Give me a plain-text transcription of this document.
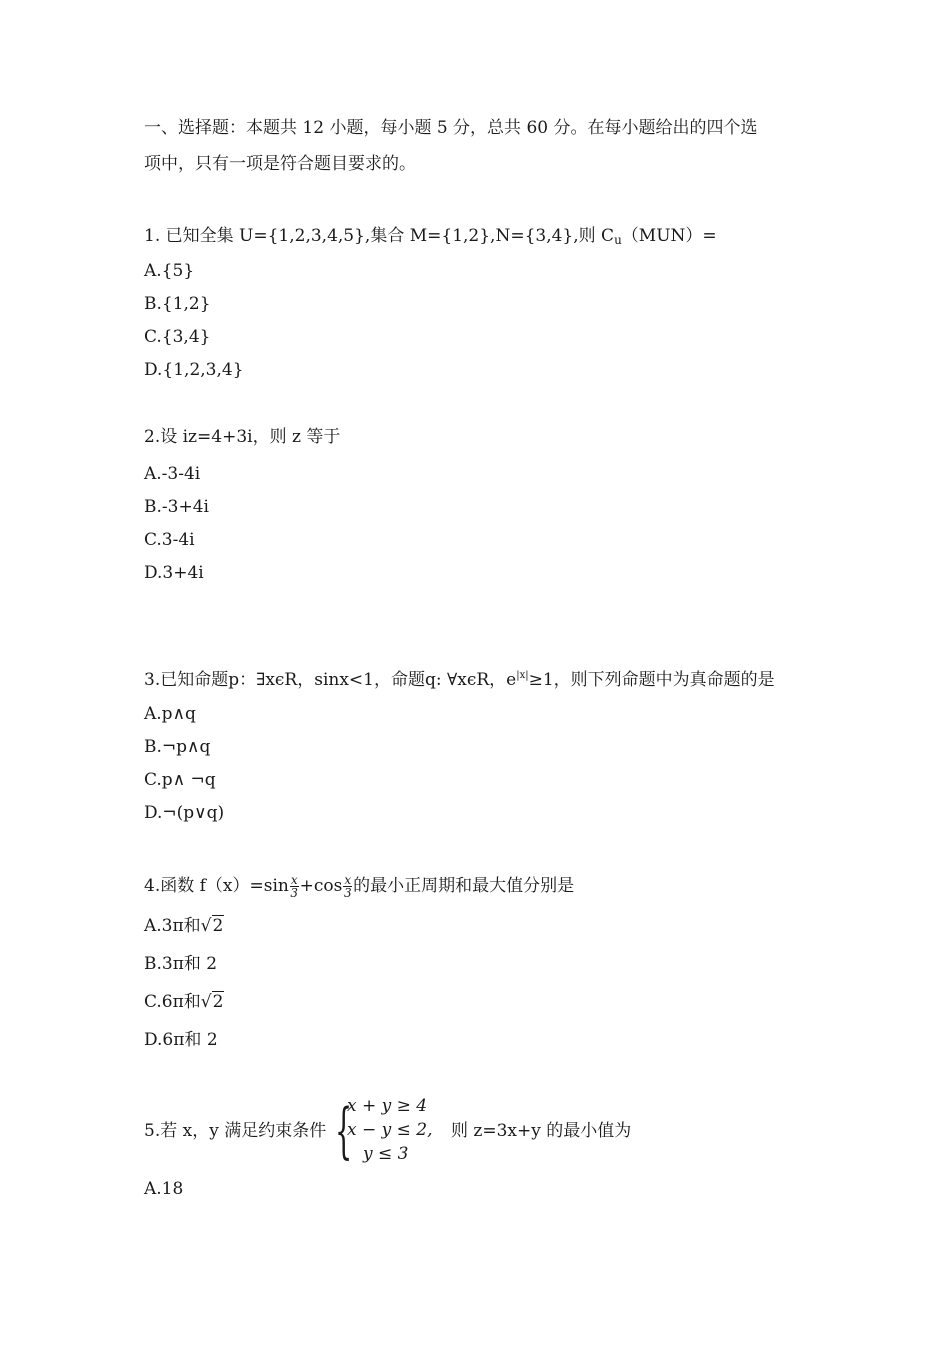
一、选择题：本题共 12 小题，每小题 5 分，总共 60 分。在每小题给出的四个选
项中，只有一项是符合题目要求的。
1. 已知全集 U={1,2,3,4,5},集合 M={1,2},N={3,4},则 $C_u(MUN)=$
A.{5}
B.{1,2}
C.{3,4}
D.{1,2,3,4}
2.设 iz=4+3i，则 z 等于
A.-3-4i
B.-3+4i
C.3-4i
D.3+4i
3.已知命题p：∃xϵR，sinx<1，命题q: ∀xϵR，$e^{|x|}\ge 1$，则下列命题中为真命题的是
A.p∧q
B.¬p∧q
C.p∧ ¬q
D.¬(p∨q)
4.函数 $f(x)=\sin \frac{x}{3} +\cos \frac{x}{3}$ 的最小正周期和最大值分别是
A.3π和√2
B.3π和 2
C.6π和√2
D.6π和 2
5.若 x，y 满足约束条件 {
x + y ≥ 4
x − y ≤ 2,
y ≤ 3
则 z=3x+y 的最小值为
A.18
